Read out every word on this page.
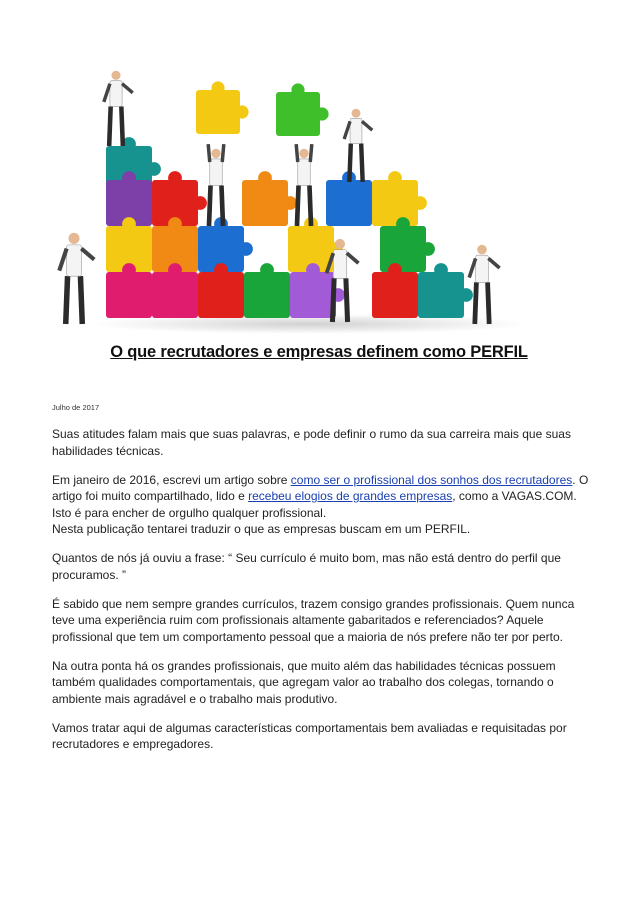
O que recrutadores e empresas definem como PERFIL
Julho de 2017

Suas atitudes falam mais que suas palavras, e pode definir o rumo da sua carreira mais que suas habilidades técnicas.

Em janeiro de 2016, escrevi um artigo sobre como ser o profissional dos sonhos dos recrutadores. O artigo foi muito compartilhado, lido e recebeu elogios de grandes empresas, como a VAGAS.COM. Isto é para encher de orgulho qualquer profissional.
Nesta publicação tentarei traduzir o que as empresas buscam em um PERFIL.

Quantos de nós já ouviu a frase: “ Seu currículo é muito bom, mas não está dentro do perfil que procuramos. ”

É sabido que nem sempre grandes currículos, trazem consigo grandes profissionais. Quem nunca teve uma experiência ruim com profissionais altamente gabaritados e referenciados? Aquele profissional que tem um comportamento pessoal que a maioria de nós prefere não ter por perto.

Na outra ponta há os grandes profissionais, que muito além das habilidades técnicas possuem também qualidades comportamentais, que agregam valor ao trabalho dos colegas, tornando o ambiente mais agradável e o trabalho mais produtivo.

Vamos tratar aqui de algumas características comportamentais bem avaliadas e requisitadas por recrutadores e empregadores.
